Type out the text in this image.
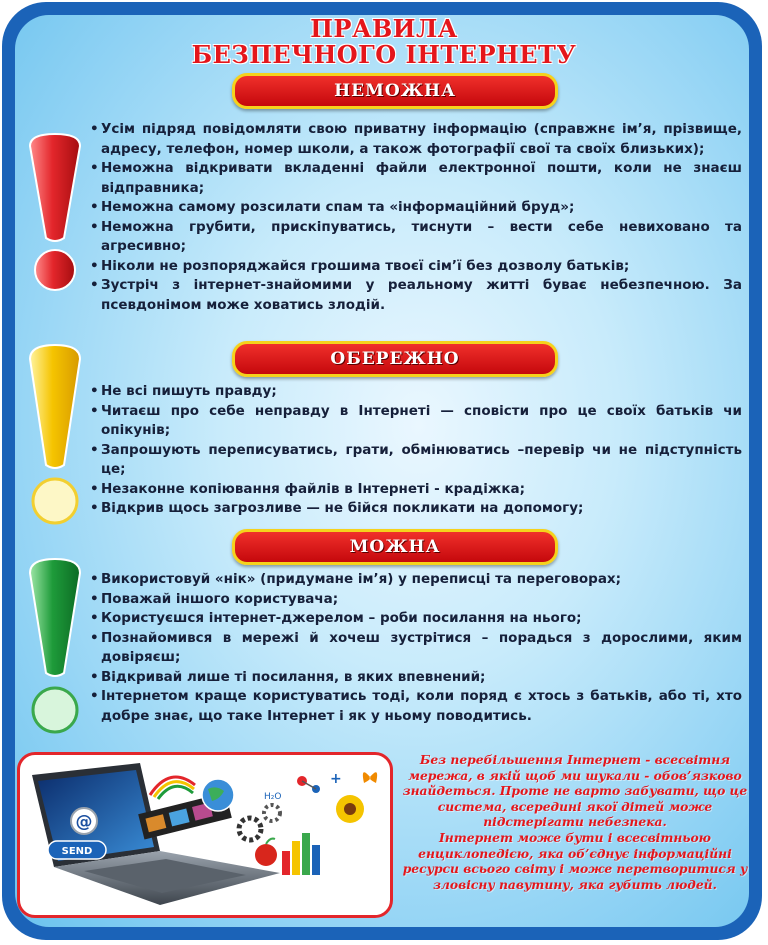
ПРАВИЛА
БЕЗПЕЧНОГО ІНТЕРНЕТУ
НЕМОЖНА
• Усім підряд повідомляти свою приватну інформацію (справжнє ім’я, прізвище, адресу, телефон, номер школи, а також фотографії свої та своїх близьких);
• Неможна відкривати вкладенні файли електронної пошти, коли не знаєш відправника;
• Неможна самому розсилати спам та «інформаційний бруд»;
• Неможна грубити, прискіпуватись, тиснути – вести себе невиховано та агресивно;
• Ніколи не розпоряджайся грошима твоєї сім’ї без дозволу батьків;
• Зустріч з інтернет-знайомими у реальному житті буває небезпечною. За псевдонімом може ховатись злодій.
ОБЕРЕЖНО
• Не всі пишуть правду;
• Читаєш про себе неправду в Інтернеті — сповісти про це своїх батьків чи опікунів;
• Запрошують переписуватись, грати, обмінюватись –перевір чи не підступність це;
• Незаконне копіювання файлів в Інтернеті - крадіжка;
• Відкрив щось загрозливе — не бійся покликати на допомогу;
МОЖНА
• Використовуй «нік» (придумане ім’я) у переписці та переговорах;
• Поважай іншого користувача;
• Користуєшся інтернет-джерелом – роби посилання на нього;
• Познайомився в мережі й хочеш зустрітися – порадься з дорослими, яким довіряєш;
• Відкривай лише ті посилання, в яких впевнений;
• Інтернетом краще користуватись тоді, коли поряд є хтось з батьків, або ті, хто добре знає, що таке Інтернет і як у ньому поводитись.
@
SEND
H₂O
+

Без перебільшення Інтернет - всесвітня мережа, в якій щоб ми шукали - обов’язково знайдеться. Проте не варто забувати, що це система, всередині якої дітей може підстерігати небезпека.

Інтернет може бути і всесвітньою енциклопедією, яка об’єднує інформаційні ресурси всього світу і може перетворитися у зловісну павутину, яка губить людей.
